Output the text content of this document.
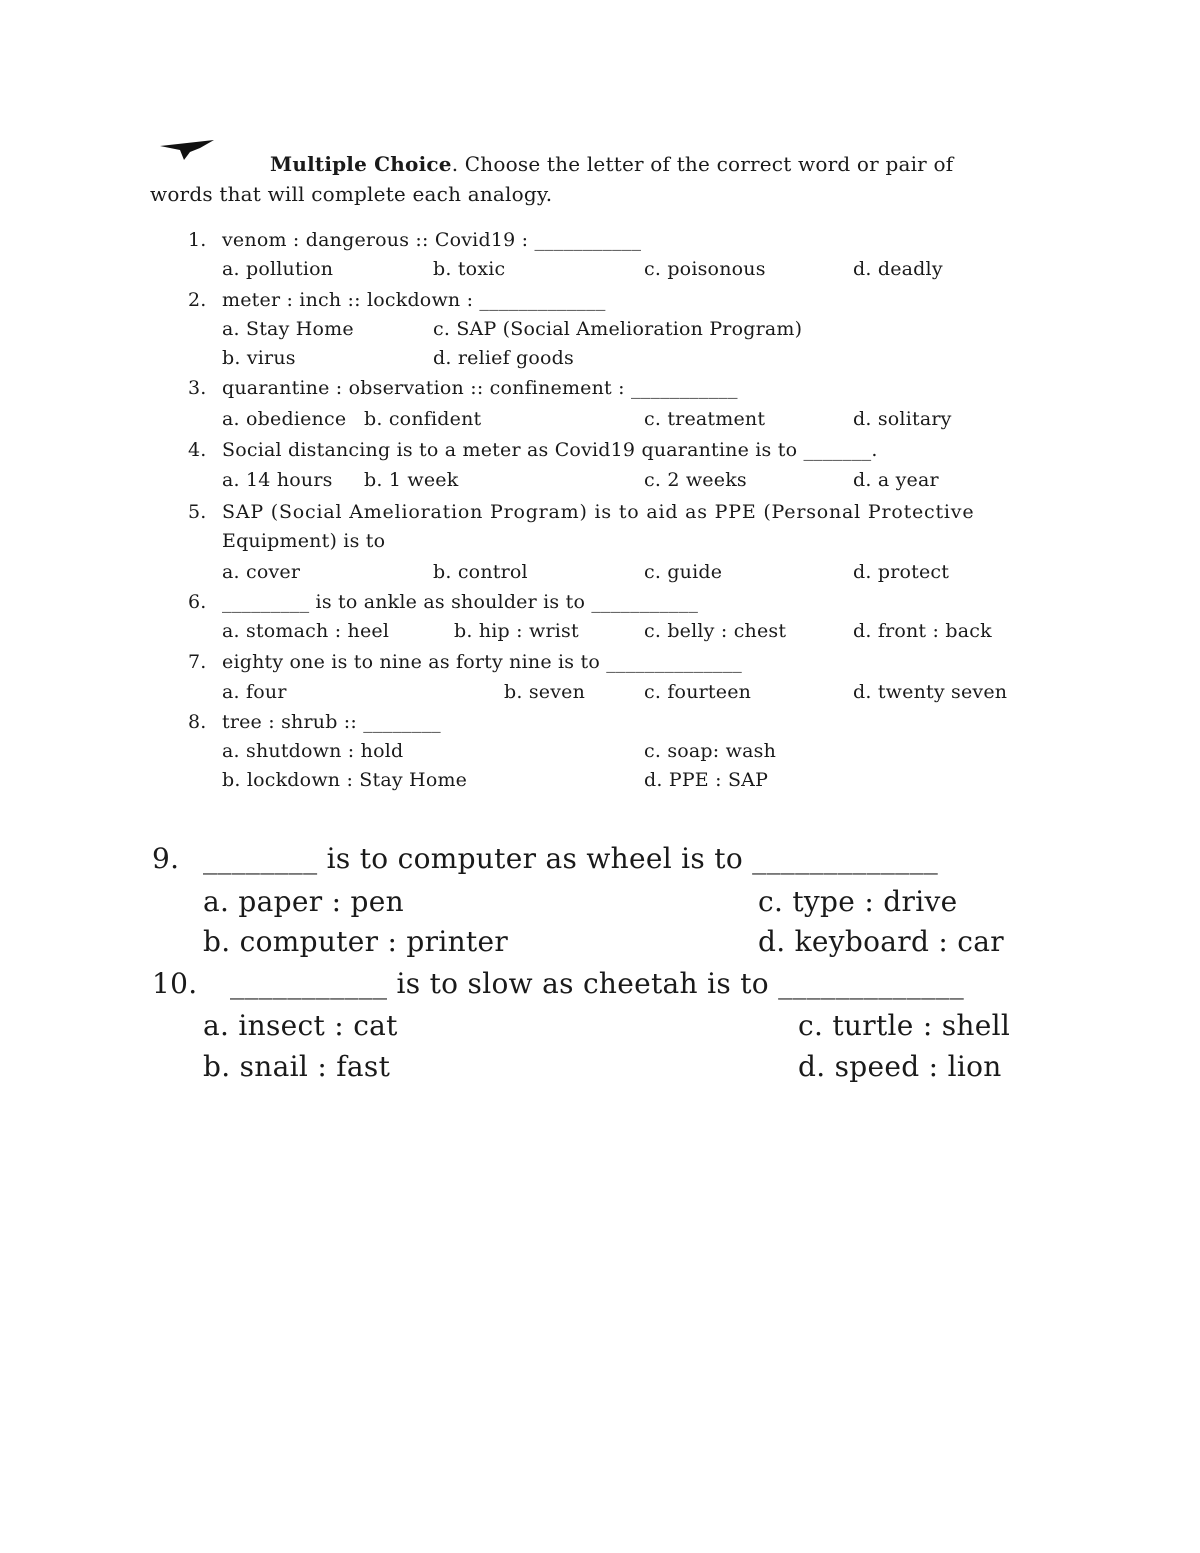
Multiple Choice. Choose the letter of the correct word or pair of
words that will complete each analogy.
1. venom : dangerous :: Covid19 : ___________
a. pollution	b. toxic	c. poisonous	d. deadly
2. meter : inch :: lockdown : _____________
a. Stay Home	c. SAP (Social Amelioration Program)
b. virus	d. relief goods
3. quarantine : observation :: confinement : ___________
a. obedience b. confident	c. treatment	d. solitary
4. Social distancing is to a meter as Covid19 quarantine is to _______.
a. 14 hours b. 1 week	c. 2 weeks	d. a year
5. SAP (Social Amelioration Program) is to aid as PPE (Personal Protective
Equipment) is to
a. cover	b. control	c. guide	d. protect
6. _________ is to ankle as shoulder is to ___________
a. stomach : heel	b. hip : wrist	c. belly : chest	d. front : back
7. eighty one is to nine as forty nine is to ______________
a. four	b. seven	c. fourteen	d. twenty seven
8. tree : shrub :: ________
a. shutdown : hold	c. soap: wash
b. lockdown : Stay Home	d. PPE : SAP
9. ________ is to computer as wheel is to _____________
a. paper : pen	c. type : drive
b. computer : printer	d. keyboard : car
10. ___________ is to slow as cheetah is to _____________
a. insect : cat	c. turtle : shell
b. snail : fast	d. speed : lion
